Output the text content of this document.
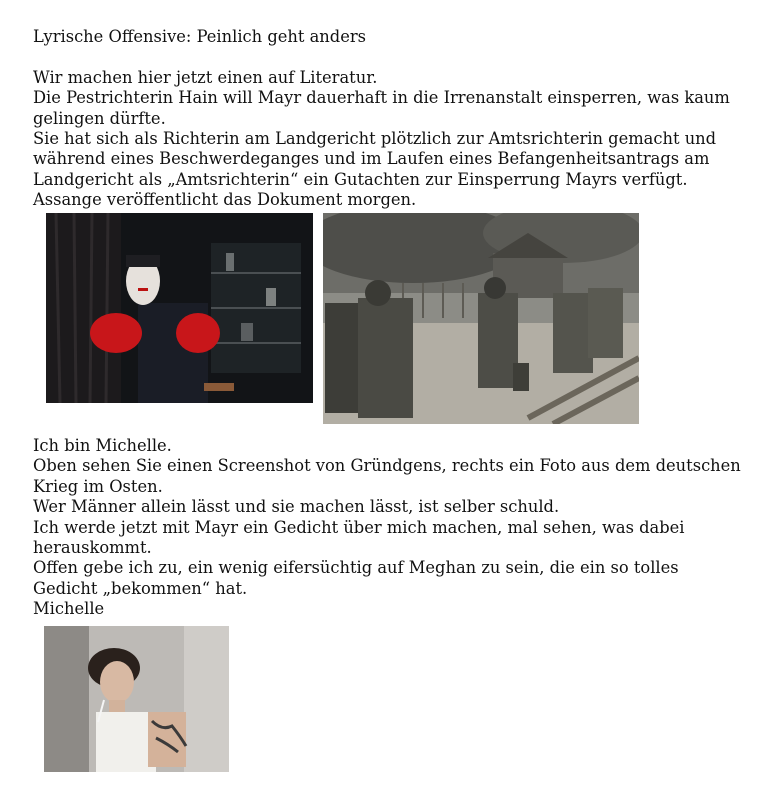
Lyrische Offensive: Peinlich geht anders

Wir machen hier jetzt einen auf Literatur.

Die Pestrichterin Hain will Mayr dauerhaft in die Irrenanstalt einsperren, was kaum gelingen dürfte.

Sie hat sich als Richterin am Landgericht plötzlich zur Amtsrichterin gemacht und während eines Beschwerdeganges und im Laufen eines Befangenheitsantrags am Landgericht als „Amtsrichterin“ ein Gutachten zur Einsperrung Mayrs verfügt.

Assange veröffentlicht das Dokument morgen.

Ich bin Michelle.

Oben sehen Sie einen Screenshot von Gründgens, rechts ein Foto aus dem deutschen Krieg im Osten.

Wer Männer allein lässt und sie machen lässt, ist selber schuld.

Ich werde jetzt mit Mayr ein Gedicht über mich machen, mal sehen, was dabei herauskommt.

Offen gebe ich zu, ein wenig eifersüchtig auf Meghan zu sein, die ein so tolles Gedicht „bekommen“ hat.

Michelle
